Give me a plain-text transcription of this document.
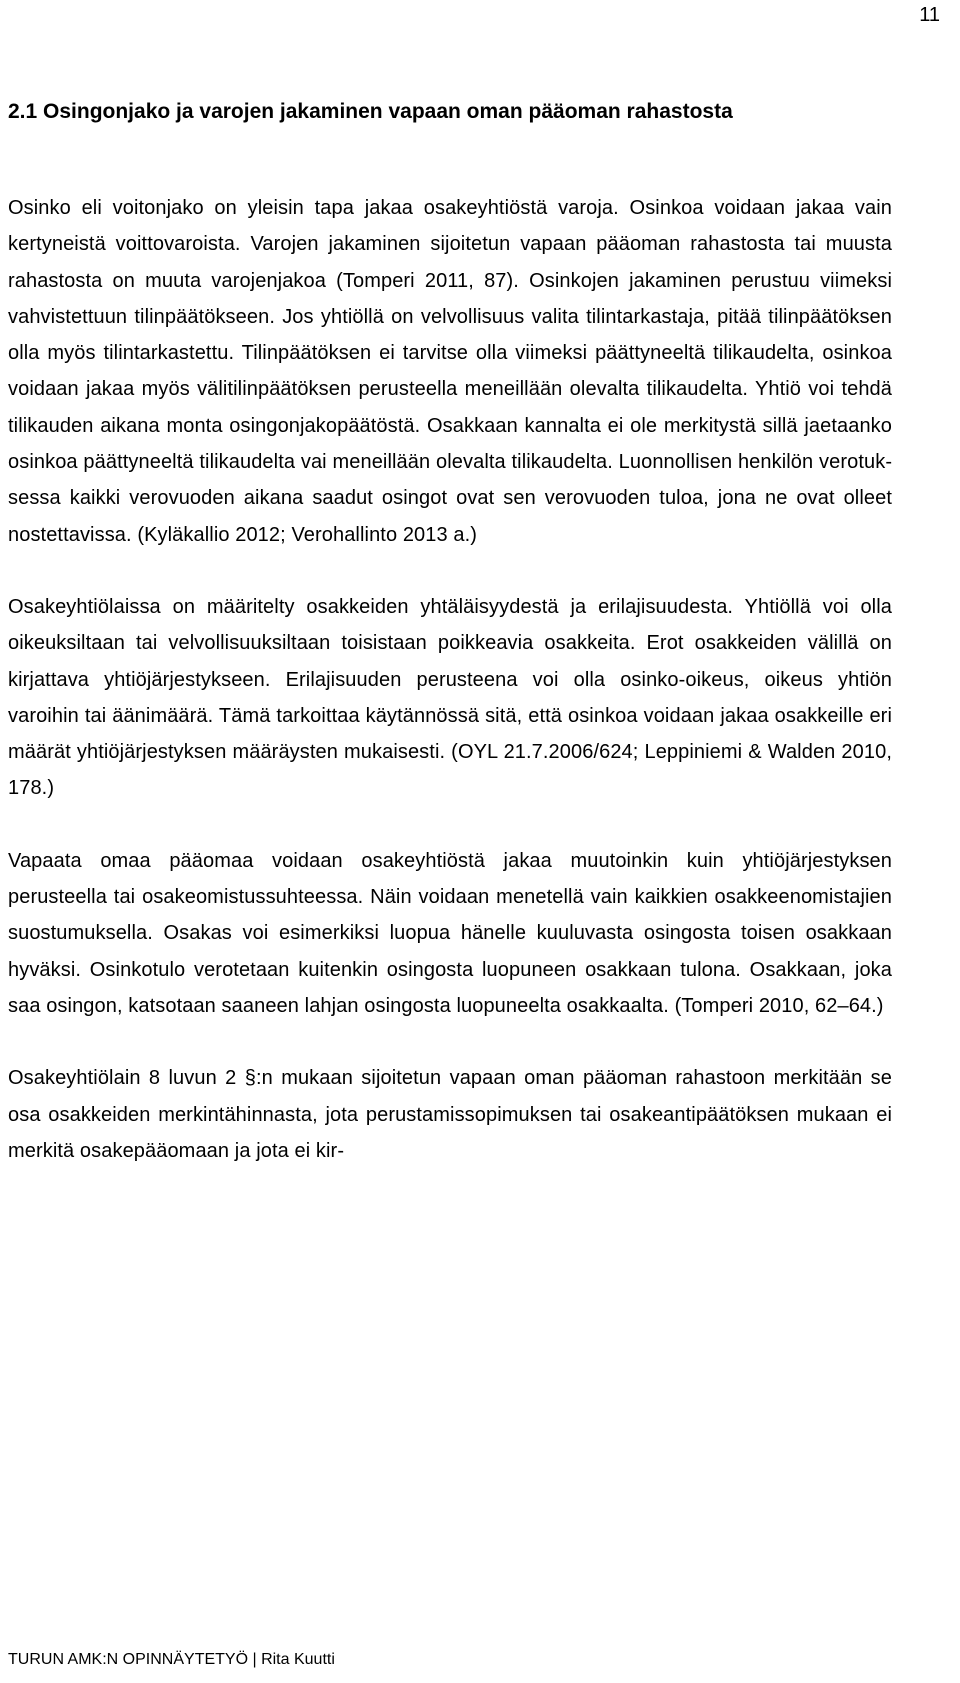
11
2.1 Osingonjako ja varojen jakaminen vapaan oman pääoman rahastosta

Osinko eli voitonjako on yleisin tapa jakaa osakeyhtiöstä varoja. Osinkoa voidaan jakaa vain kertyneistä voittovaroista. Varojen jakaminen sijoitetun vapaan pääoman rahastosta tai muusta rahastosta on muuta varojenjakoa (Tomperi 2011, 87). Osinkojen jakaminen perustuu viimeksi vahvistettuun tilinpäätökseen. Jos yhtiöllä on velvollisuus valita tilintarkastaja, pitää tilinpäätöksen olla myös tilintarkastettu. Tilinpäätöksen ei tarvitse olla viimeksi päättyneeltä tilikaudelta, osinkoa voidaan jakaa myös välitilinpäätöksen perusteella meneillään olevalta tilikaudelta. Yhtiö voi tehdä tilikauden aikana monta osingonjakopäätöstä. Osakkaan kannalta ei ole merkitystä sillä jaetaanko osinkoa päättyneeltä tilikaudelta vai meneillään olevalta tilikaudelta. Luonnollisen henkilön verotuksessa kaikki verovuoden aikana saadut osingot ovat sen verovuoden tuloa, jona ne ovat olleet nostettavissa. (Kyläkallio 2012; Verohallinto 2013 a.)

Osakeyhtiölaissa on määritelty osakkeiden yhtäläisyydestä ja erilajisuudesta. Yhtiöllä voi olla oikeuksiltaan tai velvollisuuksiltaan toisistaan poikkeavia osakkeita. Erot osakkeiden välillä on kirjattava yhtiöjärjestykseen. Erilajisuuden perusteena voi olla osinko-oikeus, oikeus yhtiön varoihin tai äänimäärä. Tämä tarkoittaa käytännössä sitä, että osinkoa voidaan jakaa osakkeille eri määrät yhtiöjärjestyksen määräysten mukaisesti. (OYL 21.7.2006/624; Leppiniemi & Walden 2010, 178.)

Vapaata omaa pääomaa voidaan osakeyhtiöstä jakaa muutoinkin kuin yhtiöjärjestyksen perusteella tai osakeomistussuhteessa. Näin voidaan menetellä vain kaikkien osakkeenomistajien suostumuksella. Osakas voi esimerkiksi luopua hänelle kuuluvasta osingosta toisen osakkaan hyväksi. Osinkotulo verotetaan kuitenkin osingosta luopuneen osakkaan tulona. Osakkaan, joka saa osingon, katsotaan saaneen lahjan osingosta luopuneelta osakkaalta. (Tomperi 2010, 62–64.)

Osakeyhtiölain 8 luvun 2 §:n mukaan sijoitetun vapaan oman pääoman rahastoon merkitään se osa osakkeiden merkintähinnasta, jota perustamissopimuksen tai osakeantipäätöksen mukaan ei merkitä osakepääomaan ja jota ei kir-

TURUN AMK:N OPINNÄYTETYÖ | Rita Kuutti
